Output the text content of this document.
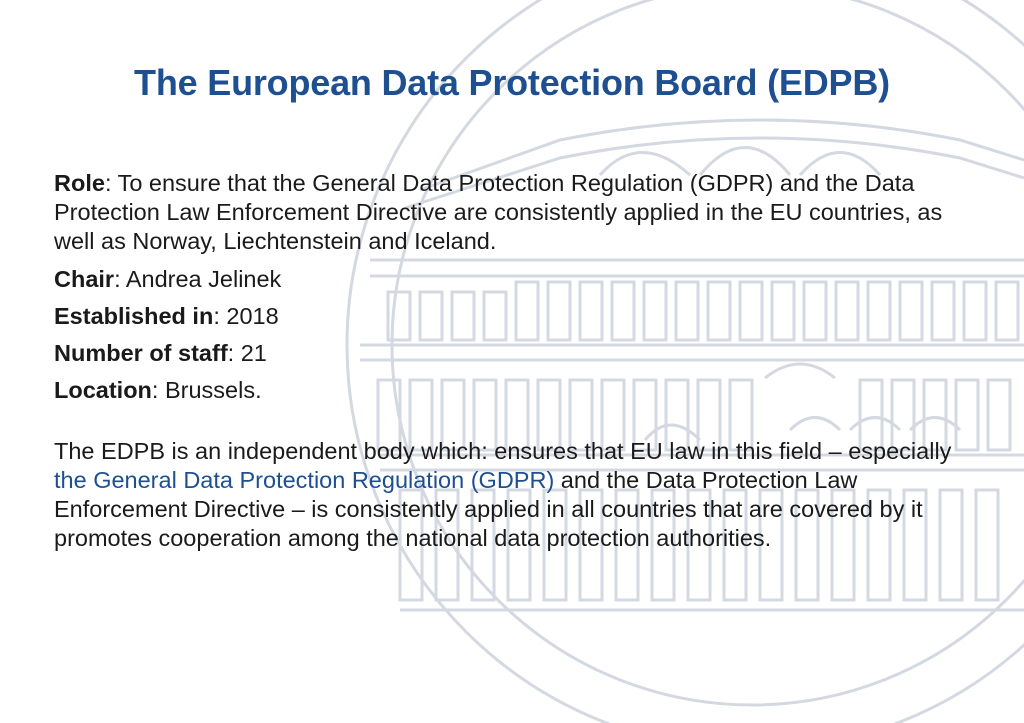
The European Data Protection Board (EDPB)

Role: To ensure that the General Data Protection Regulation (GDPR) and the Data Protection Law Enforcement Directive are consistently applied in the EU countries, as well as Norway, Liechtenstein and Iceland.

Chair: Andrea Jelinek

Established in: 2018

Number of staff: 21

Location: Brussels.

The EDPB is an independent body which: ensures that EU law in this field – especially the General Data Protection Regulation (GDPR) and the Data Protection Law Enforcement Directive – is consistently applied in all countries that are covered by it promotes cooperation among the national data protection authorities.
